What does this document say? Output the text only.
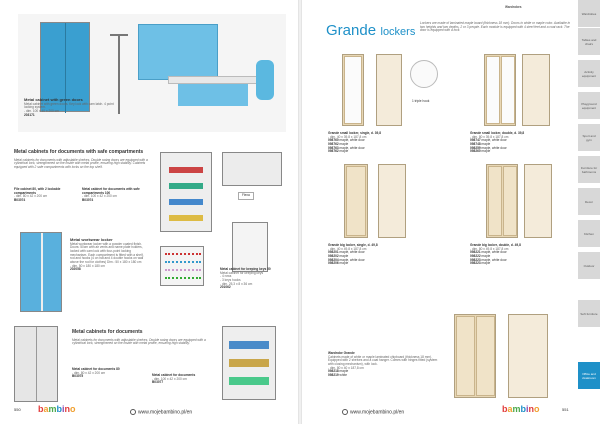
Metal cabinet with green doors
Metal cabinet with green doors. Key lock with cam latch. 4 point locking system.
- dim. 100 x 40 x 200 cm
203171
Metal cabinets for documents with safe compartments
Metal cabinets for documents with adjustable shelves. Double swing doors are equipped with a cylindrical lock, strengthened on the inside with metal profile, ensuring high stability. Cabinets equipped with 2 safe compartments with locks on the top shelf.
File cabinet 80, with 2 lockable compartments
- dim. 80 x 42 x 200 cm
B03074
Metal cabinet for documents with safe compartments 100
- dim. 100 x 42 x 200 cm
B03074
Flexa
Metal workwear locker
Metal workwear locker with a powder coated finish. Doors: 50cm with air vents and name plate holders, locked with cam lock with four-point locking mechanism. Each compartment is fitted with a shelf, rod and hooks (4 on hat and 4 double hooks on wall above the rod for clothes) Dim.: 50 x 180 x 180 cm
- dim. 50 x 180 x 180 cm
202058	Metal cabinet for keeping keys 50
Metal cabinet for keeping keys
- 4 rows
- 3 keys hooks
- dim. 25,3 x 8 x 36 cm
201062
Metal cabinets for documents
Metal cabinets for documents with adjustable shelves. Double swing doors are equipped with a cylindrical lock, strengthened on the inside with metal profile, ensuring high stability.
Metal cabinet for documents 80
- dim. 80 x 42 x 200 cm
B03075	Metal cabinet for documents
- dim. 100 x 42 x 200 cm
B03077
550 bambino	www.mojebambino.pl/en
Wardrobes
Grande lockers
Lockers are made of laminated maple board (thickness 18 mm). Doors in white or maple color. Available in two heights and two depths, 2 or 3 people. Each module is equipped with 4 steel feet and a coat rack. The door is equipped with a lock.
1 triple hook
Grande small locker, single, d. 39,8
- dim. 40 x 39,8 x 187,8 cm
098760 maple, white door
098762 maple
098763 maple, white door
098762 maple
Grande small locker, double, d. 39,8
- dim. 80 x 39,8 x 187,8 cm
098747 maple, white door
098748 maple
098259 maple, white door
098260 maple
Grande big locker, single, d. 49,8
- dim. 40 x 49,8 x 187,8 cm
098201 maple, white door
098202 maple
098204 maple, white door
098206 maple
Grande big locker, double, d. 49,8
- dim. 80 x 49,8 x 187,8 cm
098221 maple, white door
098222 maple
098223 maple, white door
098223 maple
Wardrobe Grande
Cabinets made of white or maple laminated chipboard (thickness 18 mm). Equipped with 2 shelves and a coat hanger. Comes with hinges fitted (system with closing mechanism), with lock.
- dim. 80 x 40 x 187,8 cm
098218 maple
098219 white
www.mojebambino.pl/en	bambino	551
Wardrobes
Tables and chairs
Activity equipment
Playground equipment
Sport and gym
Furniture for bathrooms
Decor
Kitchen
Outdoor
Soft furniture
Office and cloakroom
